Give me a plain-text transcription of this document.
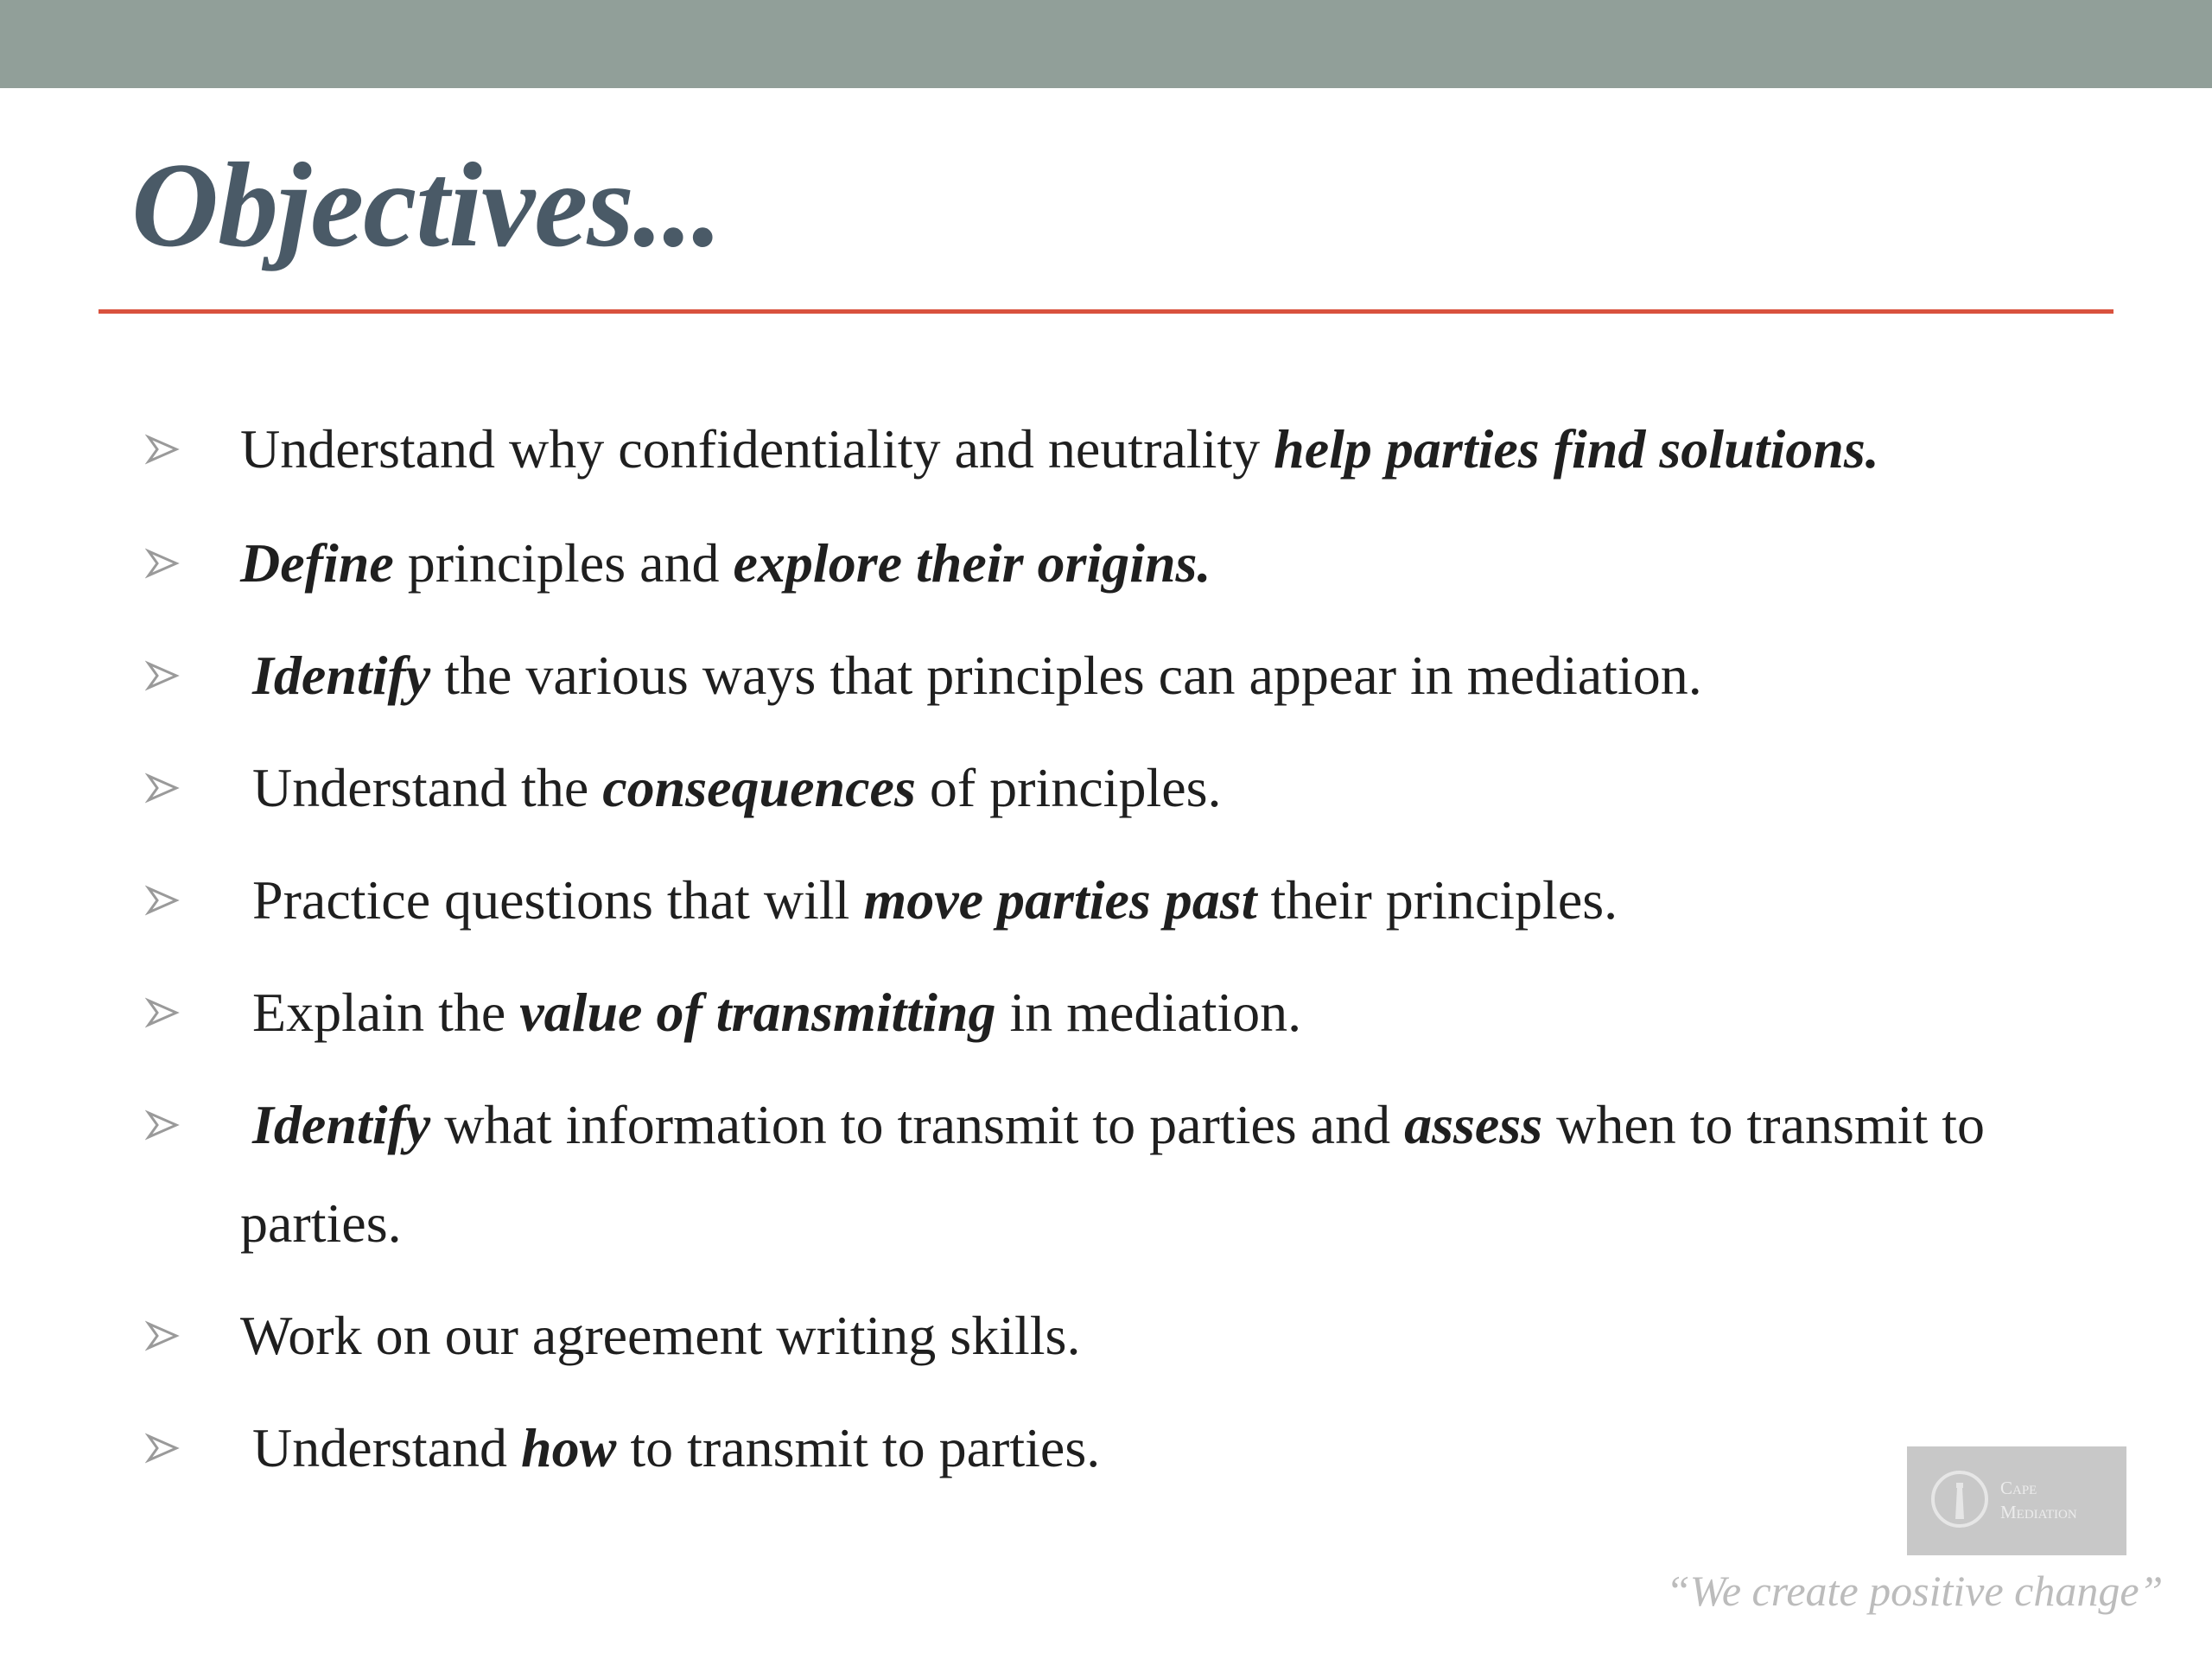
Objectives...
Understand why confidentiality and neutrality help parties find solutions.
Define principles and explore their origins.
Identify the various ways that principles can appear in mediation.
Understand the consequences of principles.
Practice questions that will move parties past their principles.
Explain the value of transmitting in mediation.
Identify what information to transmit to parties and assess when to transmit to
parties.
Work on our agreement writing skills.
Understand how to transmit to parties.
Cape
Mediation
“We create positive change”
